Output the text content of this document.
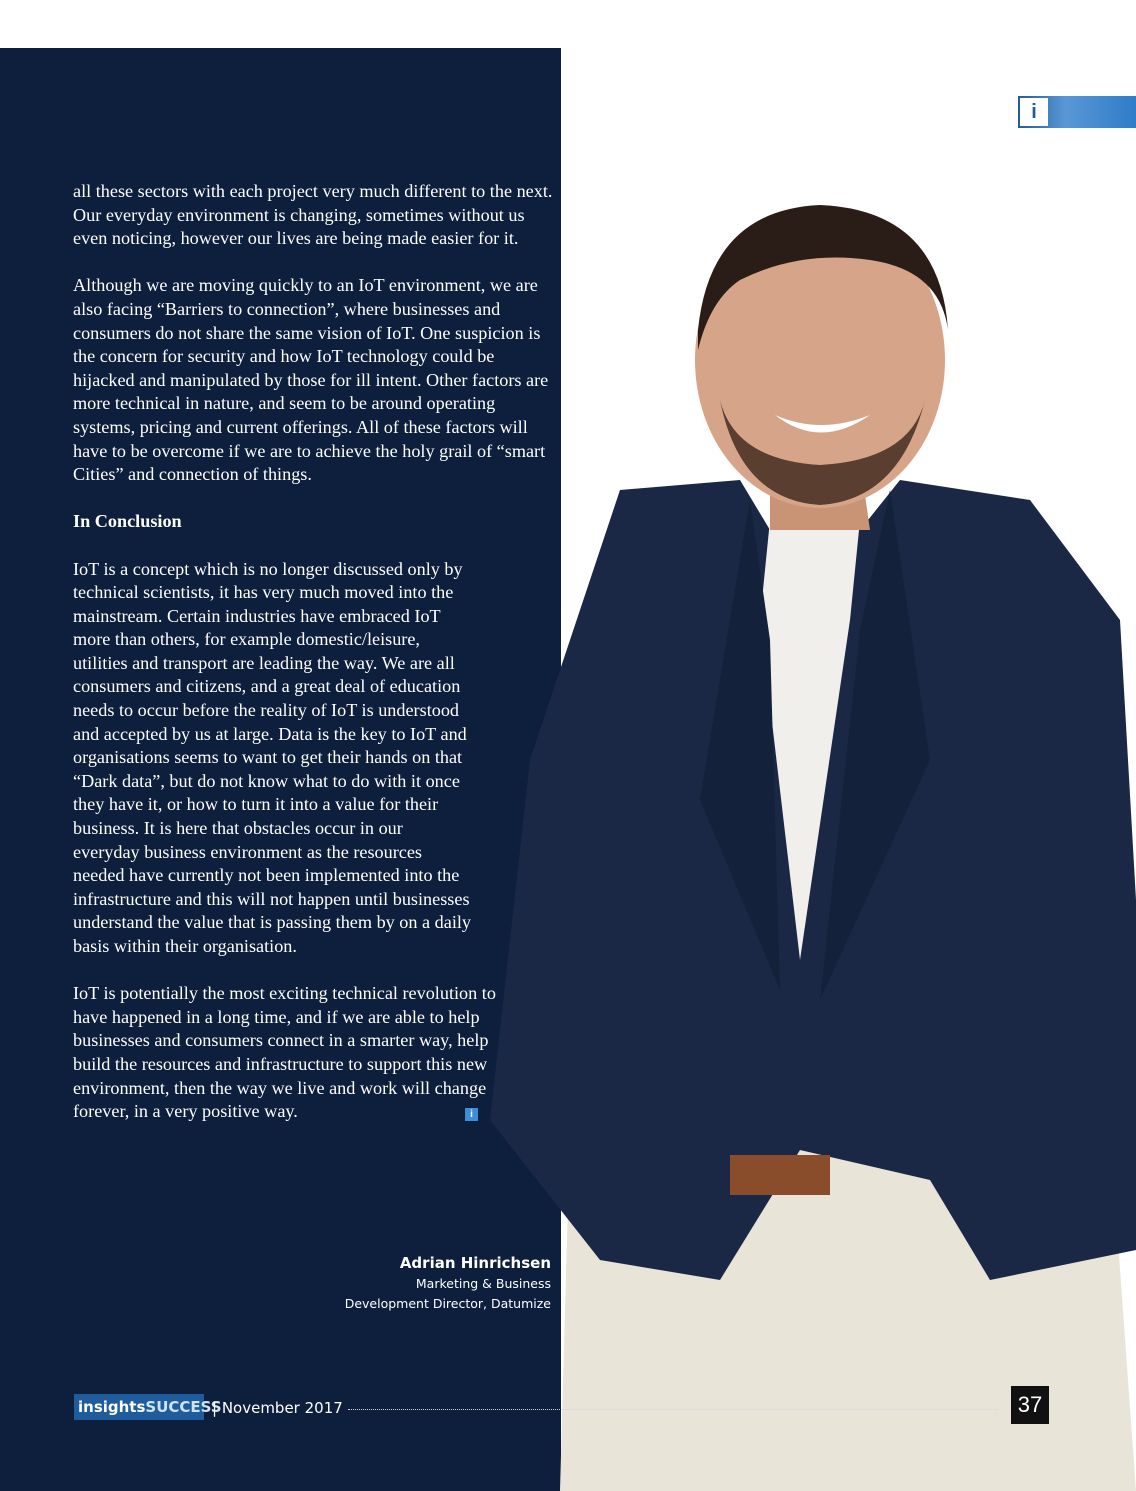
i

all these sectors with each project very much different to the next. Our everyday environment is changing, sometimes without us even noticing, however our lives are being made easier for it.

Although we are moving quickly to an IoT environment, we are also facing “Barriers to connection”, where businesses and consumers do not share the same vision of IoT. One suspicion is the concern for security and how IoT technology could be hijacked and manipulated by those for ill intent. Other factors are more technical in nature, and seem to be around operating systems, pricing and current offerings. All of these factors will have to be overcome if we are to achieve the holy grail of “smart Cities” and connection of things.

In Conclusion

IoT is a concept which is no longer discussed only by technical scientists, it has very much moved into the mainstream. Certain industries have embraced IoT more than others, for example domestic/leisure, utilities and transport are leading the way. We are all consumers and citizens, and a great deal of education needs to occur before the reality of IoT is understood and accepted by us at large. Data is the key to IoT and organisations seems to want to get their hands on that “Dark data”, but do not know what to do with it once they have it, or how to turn it into a value for their business. It is here that obstacles occur in our everyday business environment as the resources needed have currently not been implemented into the infrastructure and this will not happen until businesses understand the value that is passing them by on a daily basis within their organisation.

IoT is potentially the most exciting technical revolution to have happened in a long time, and if we are able to help businesses and consumers connect in a smarter way, help build the resources and infrastructure to support this new environment, then the way we live and work will change forever, in a very positive way.	i
Adrian Hinrichsen
Marketing & Business
Development Director, Datumize
insightsSUCCESS
| November 2017	37
